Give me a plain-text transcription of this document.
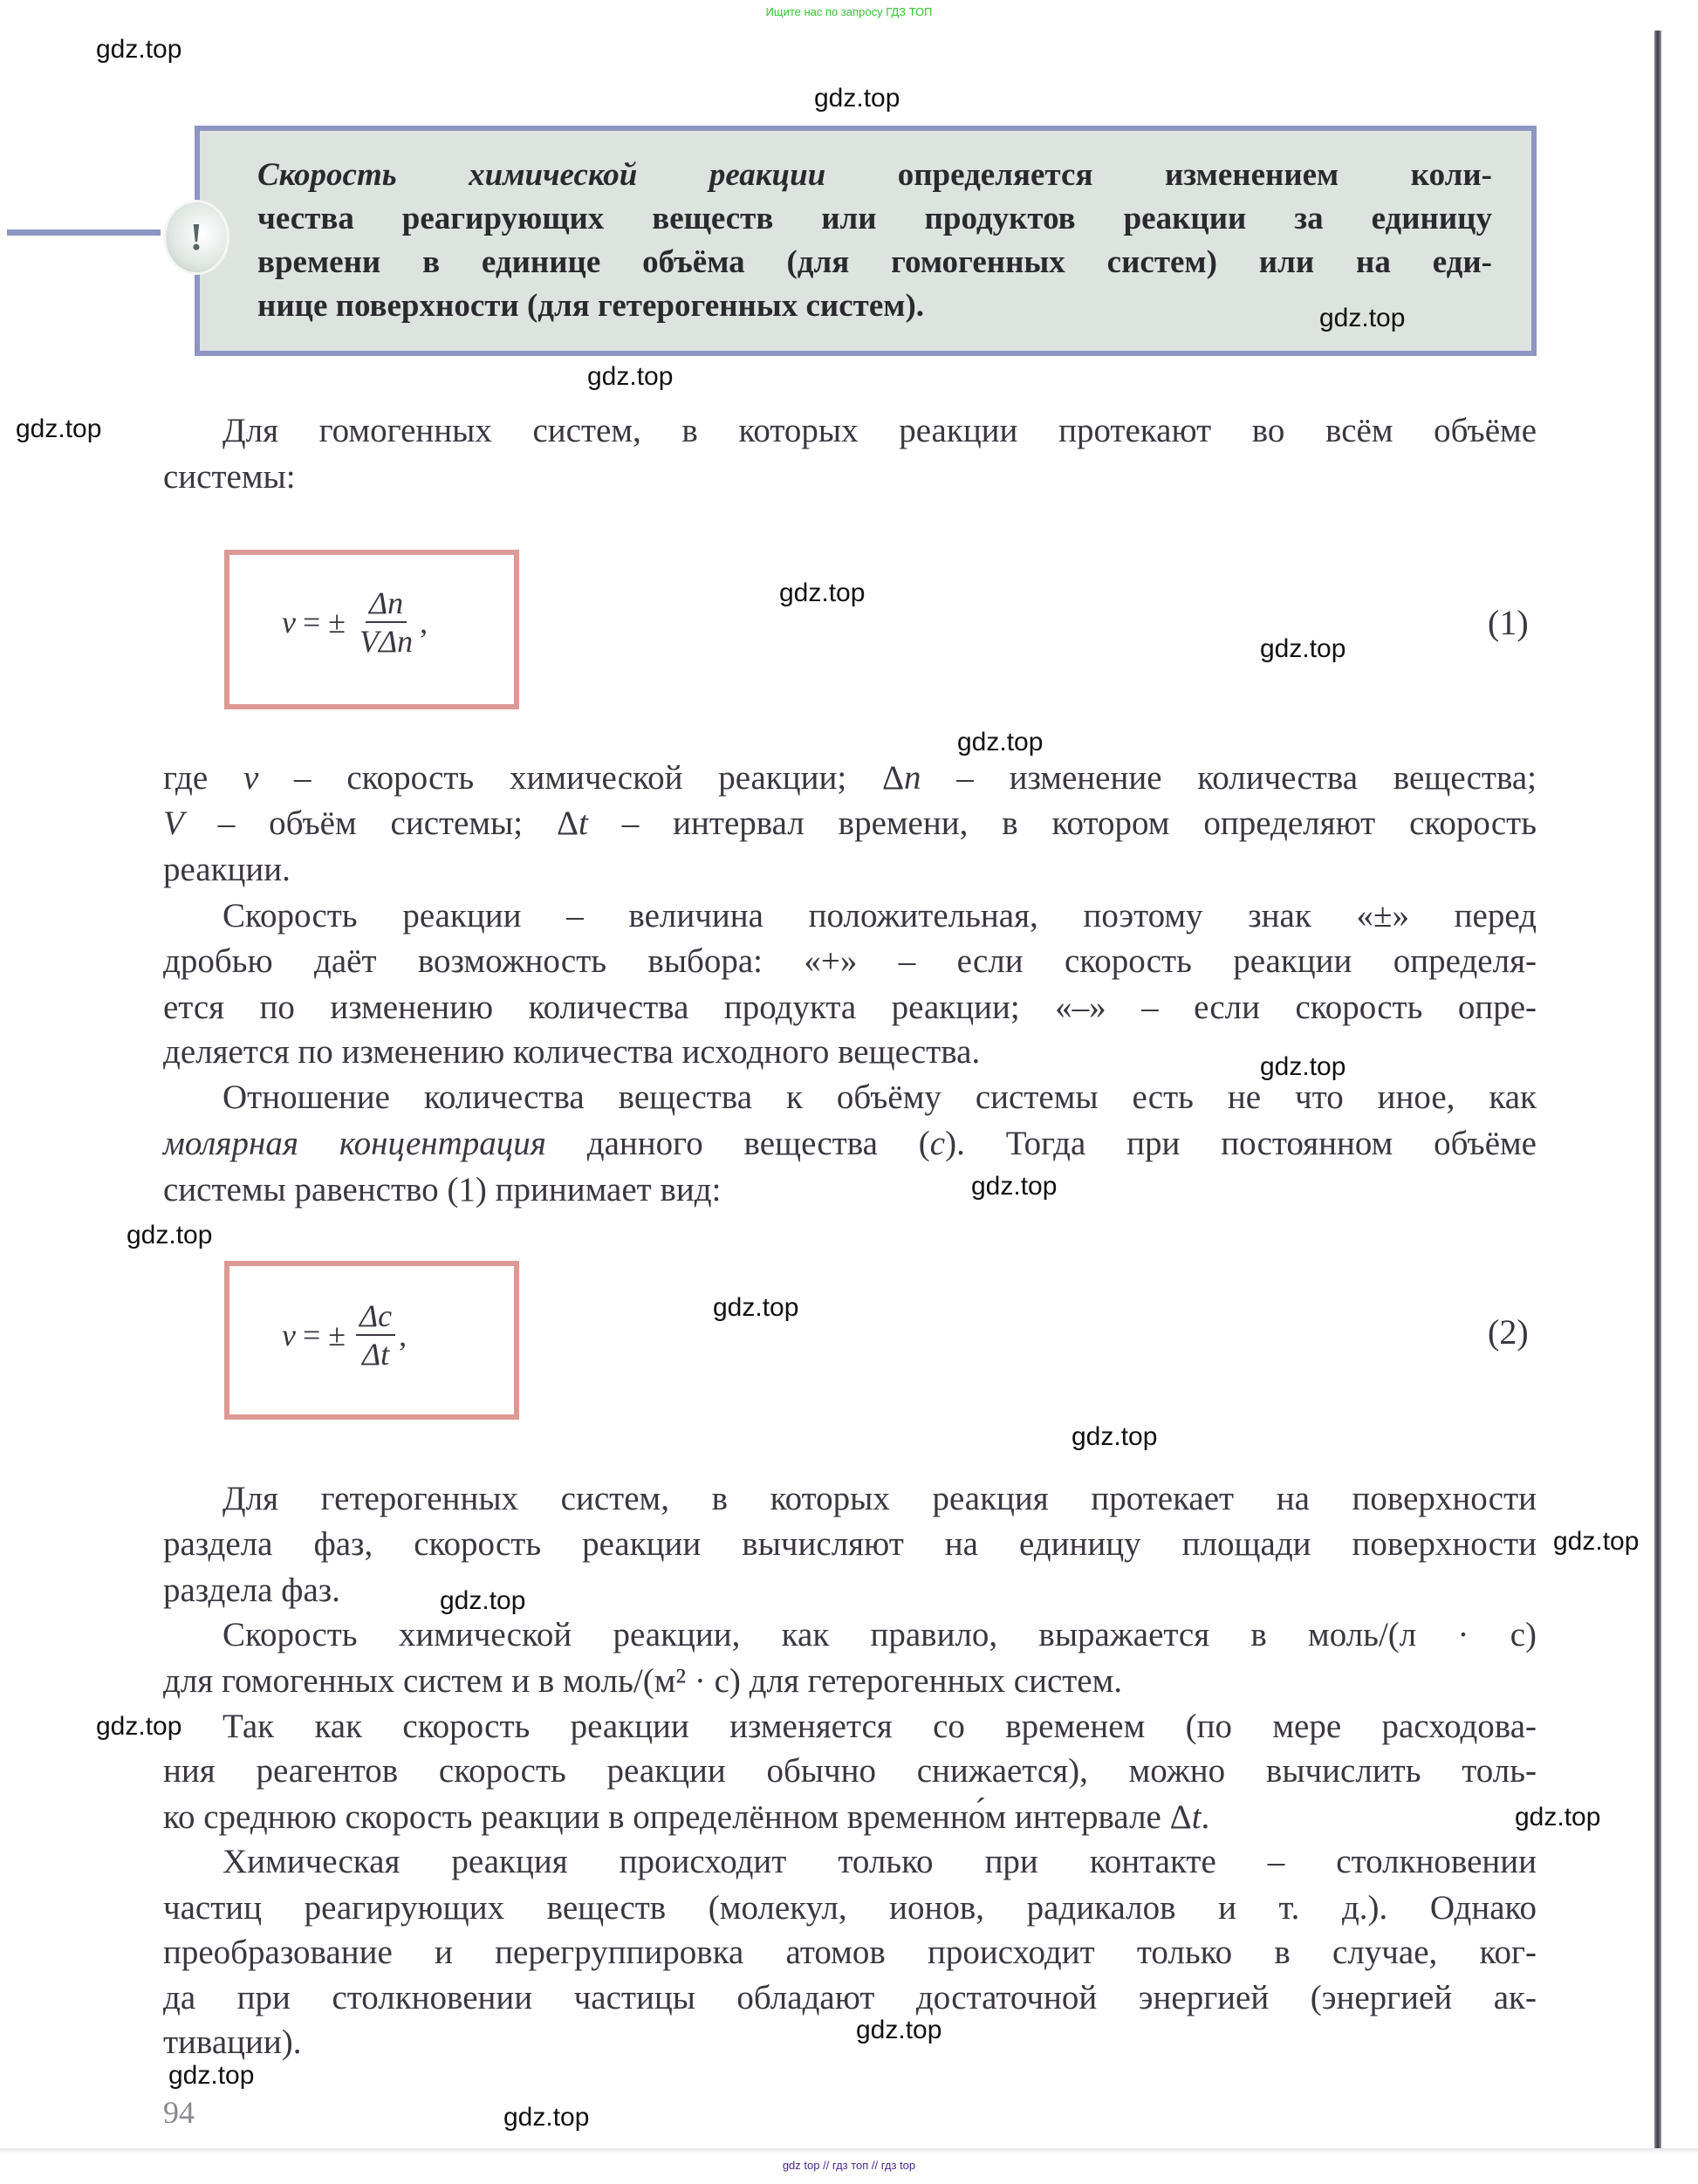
Ищите нас по запросу ГДЗ ТОП
!
Скорость химической реакции определяется изменением коли-
чества реагирующих веществ или продуктов реакции за единицу
времени в единице объёма (для гомогенных систем) или на еди-
нице поверхности (для гетерогенных систем).
Для гомогенных систем, в которых реакции протекают во всём объёме
системы:
где v – скорость химической реакции; Δn – изменение количества вещества;
V – объём системы; Δt – интервал времени, в котором определяют скорость
реакции.
Скорость реакции – величина положительная, поэтому знак «±» перед
дробью даёт возможность выбора: «+» – если скорость реакции определя-
ется по изменению количества продукта реакции; «–» – если скорость опре-
деляется по изменению количества исходного вещества.
Отношение количества вещества к объёму системы есть не что иное, как
молярная концентрация данного вещества (c). Тогда при постоянном объёме
системы равенство (1) принимает вид:
Для гетерогенных систем, в которых реакция протекает на поверхности
раздела фаз, скорость реакции вычисляют на единицу площади поверхности
раздела фаз.
Скорость химической реакции, как правило, выражается в моль/(л · с)
для гомогенных систем и в моль/(м² · с) для гетерогенных систем.
Так как скорость реакции изменяется со временем (по мере расходова-
ния реагентов скорость реакции обычно снижается), можно вычислить толь-
ко среднюю скорость реакции в определённом временно́м интервале Δt.
Химическая реакция происходит только при контакте – столкновении
частиц реагирующих веществ (молекул, ионов, радикалов и т. д.). Однако
преобразование и перегруппировка атомов происходит только в случае, ког-
да при столкновении частицы обладают достаточной энергией (энергией ак-
тивации).
v = ± $\frac{\Delta n}{\text{VΔn}}$ ,	(1)
v = ± $\frac{\Delta c}{\Delta t}$ ,	(2)
94
gdz.top
gdz.top
gdz.top
gdz.top
gdz.top
gdz.top
gdz.top
gdz.top
gdz.top
gdz.top
gdz.top
gdz.top
gdz.top
gdz.top
gdz.top
gdz.top
gdz.top
gdz.top
gdz.top
gdz.top
gdz top // гдз топ // гдз top
